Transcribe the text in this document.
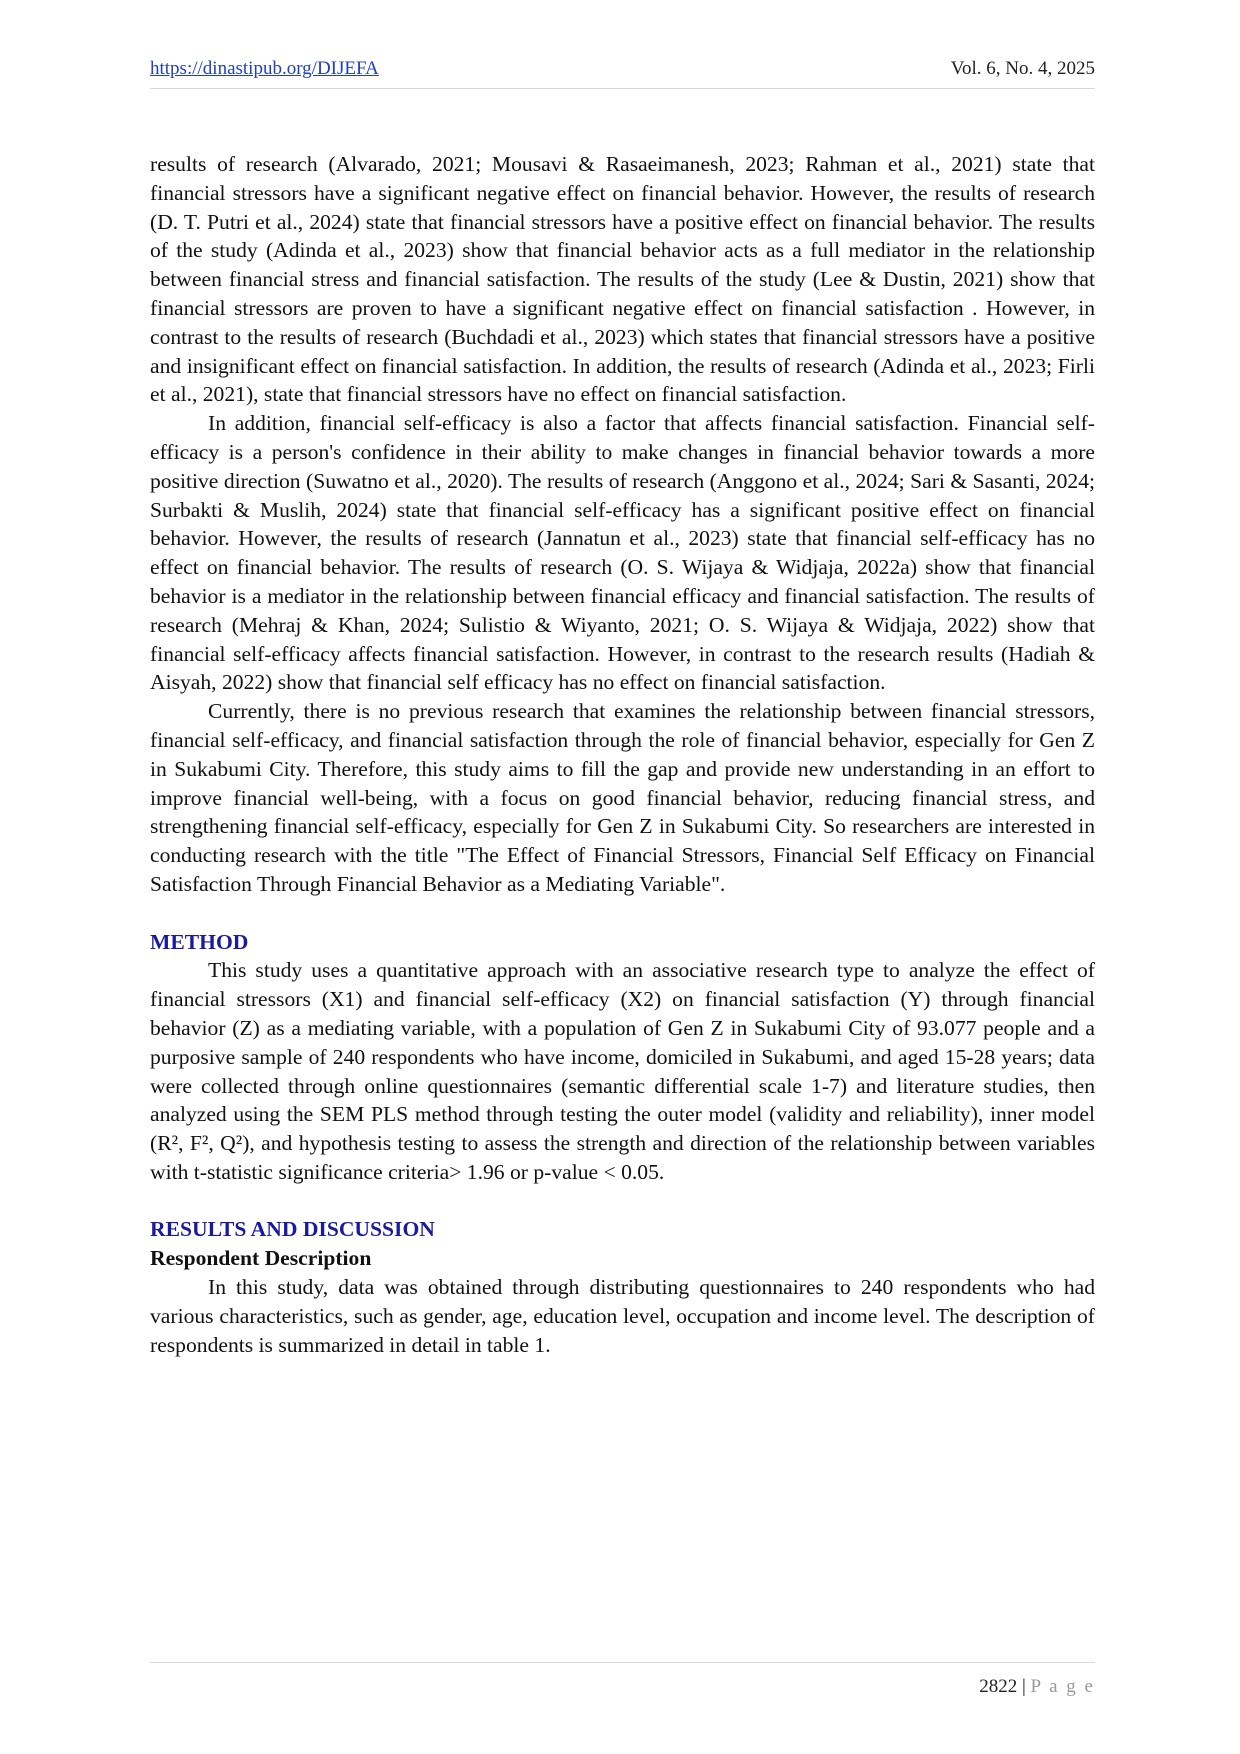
https://dinastipub.org/DIJEFA	Vol. 6, No. 4, 2025

results of research (Alvarado, 2021; Mousavi & Rasaeimanesh, 2023; Rahman et al., 2021) state that financial stressors have a significant negative effect on financial behavior. However, the results of research (D. T. Putri et al., 2024) state that financial stressors have a positive effect on financial behavior. The results of the study (Adinda et al., 2023) show that financial behavior acts as a full mediator in the relationship between financial stress and financial satisfaction. The results of the study (Lee & Dustin, 2021) show that financial stressors are proven to have a significant negative effect on financial satisfaction . However, in contrast to the results of research (Buchdadi et al., 2023) which states that financial stressors have a positive and insignificant effect on financial satisfaction. In addition, the results of research (Adinda et al., 2023; Firli et al., 2021), state that financial stressors have no effect on financial satisfaction.

In addition, financial self-efficacy is also a factor that affects financial satisfaction. Financial self-efficacy is a person's confidence in their ability to make changes in financial behavior towards a more positive direction (Suwatno et al., 2020). The results of research (Anggono et al., 2024; Sari & Sasanti, 2024; Surbakti & Muslih, 2024) state that financial self-efficacy has a significant positive effect on financial behavior. However, the results of research (Jannatun et al., 2023) state that financial self-efficacy has no effect on financial behavior. The results of research (O. S. Wijaya & Widjaja, 2022a) show that financial behavior is a mediator in the relationship between financial efficacy and financial satisfaction. The results of research (Mehraj & Khan, 2024; Sulistio & Wiyanto, 2021; O. S. Wijaya & Widjaja, 2022) show that financial self-efficacy affects financial satisfaction. However, in contrast to the research results (Hadiah & Aisyah, 2022) show that financial self efficacy has no effect on financial satisfaction.

Currently, there is no previous research that examines the relationship between financial stressors, financial self-efficacy, and financial satisfaction through the role of financial behavior, especially for Gen Z in Sukabumi City. Therefore, this study aims to fill the gap and provide new understanding in an effort to improve financial well-being, with a focus on good financial behavior, reducing financial stress, and strengthening financial self-efficacy, especially for Gen Z in Sukabumi City. So researchers are interested in conducting research with the title "The Effect of Financial Stressors, Financial Self Efficacy on Financial Satisfaction Through Financial Behavior as a Mediating Variable".

METHOD

This study uses a quantitative approach with an associative research type to analyze the effect of financial stressors (X1) and financial self-efficacy (X2) on financial satisfaction (Y) through financial behavior (Z) as a mediating variable, with a population of Gen Z in Sukabumi City of 93.077 people and a purposive sample of 240 respondents who have income, domiciled in Sukabumi, and aged 15-28 years; data were collected through online questionnaires (semantic differential scale 1-7) and literature studies, then analyzed using the SEM PLS method through testing the outer model (validity and reliability), inner model (R², F², Q²), and hypothesis testing to assess the strength and direction of the relationship between variables with t-statistic significance criteria> 1.96 or p-value < 0.05.

RESULTS AND DISCUSSION
Respondent Description

In this study, data was obtained through distributing questionnaires to 240 respondents who had various characteristics, such as gender, age, education level, occupation and income level. The description of respondents is summarized in detail in table 1.

2822 | P a g e
